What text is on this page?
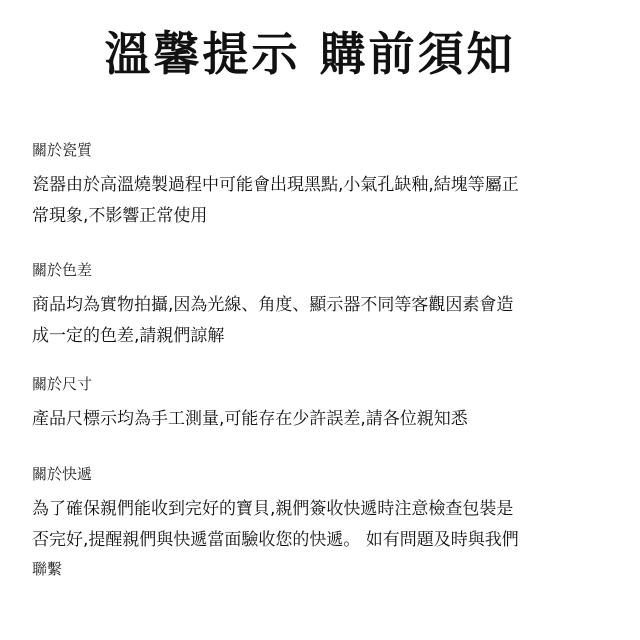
溫馨提示 購前須知
關於瓷質
瓷器由於高溫燒製過程中可能會出現黑點,小氣孔缺釉,結塊等屬正
常現象,不影響正常使用
關於色差
商品均為實物拍攝,因為光線、角度、顯示器不同等客觀因素會造
成一定的色差,請親們諒解
關於尺寸
產品尺標示均為手工測量,可能存在少許誤差,請各位親知悉
關於快遞
為了確保親們能收到完好的寶貝,親們簽收快遞時注意檢查包裝是
否完好,提醒親們與快遞當面驗收您的快遞。 如有問題及時與我們
聯繫
